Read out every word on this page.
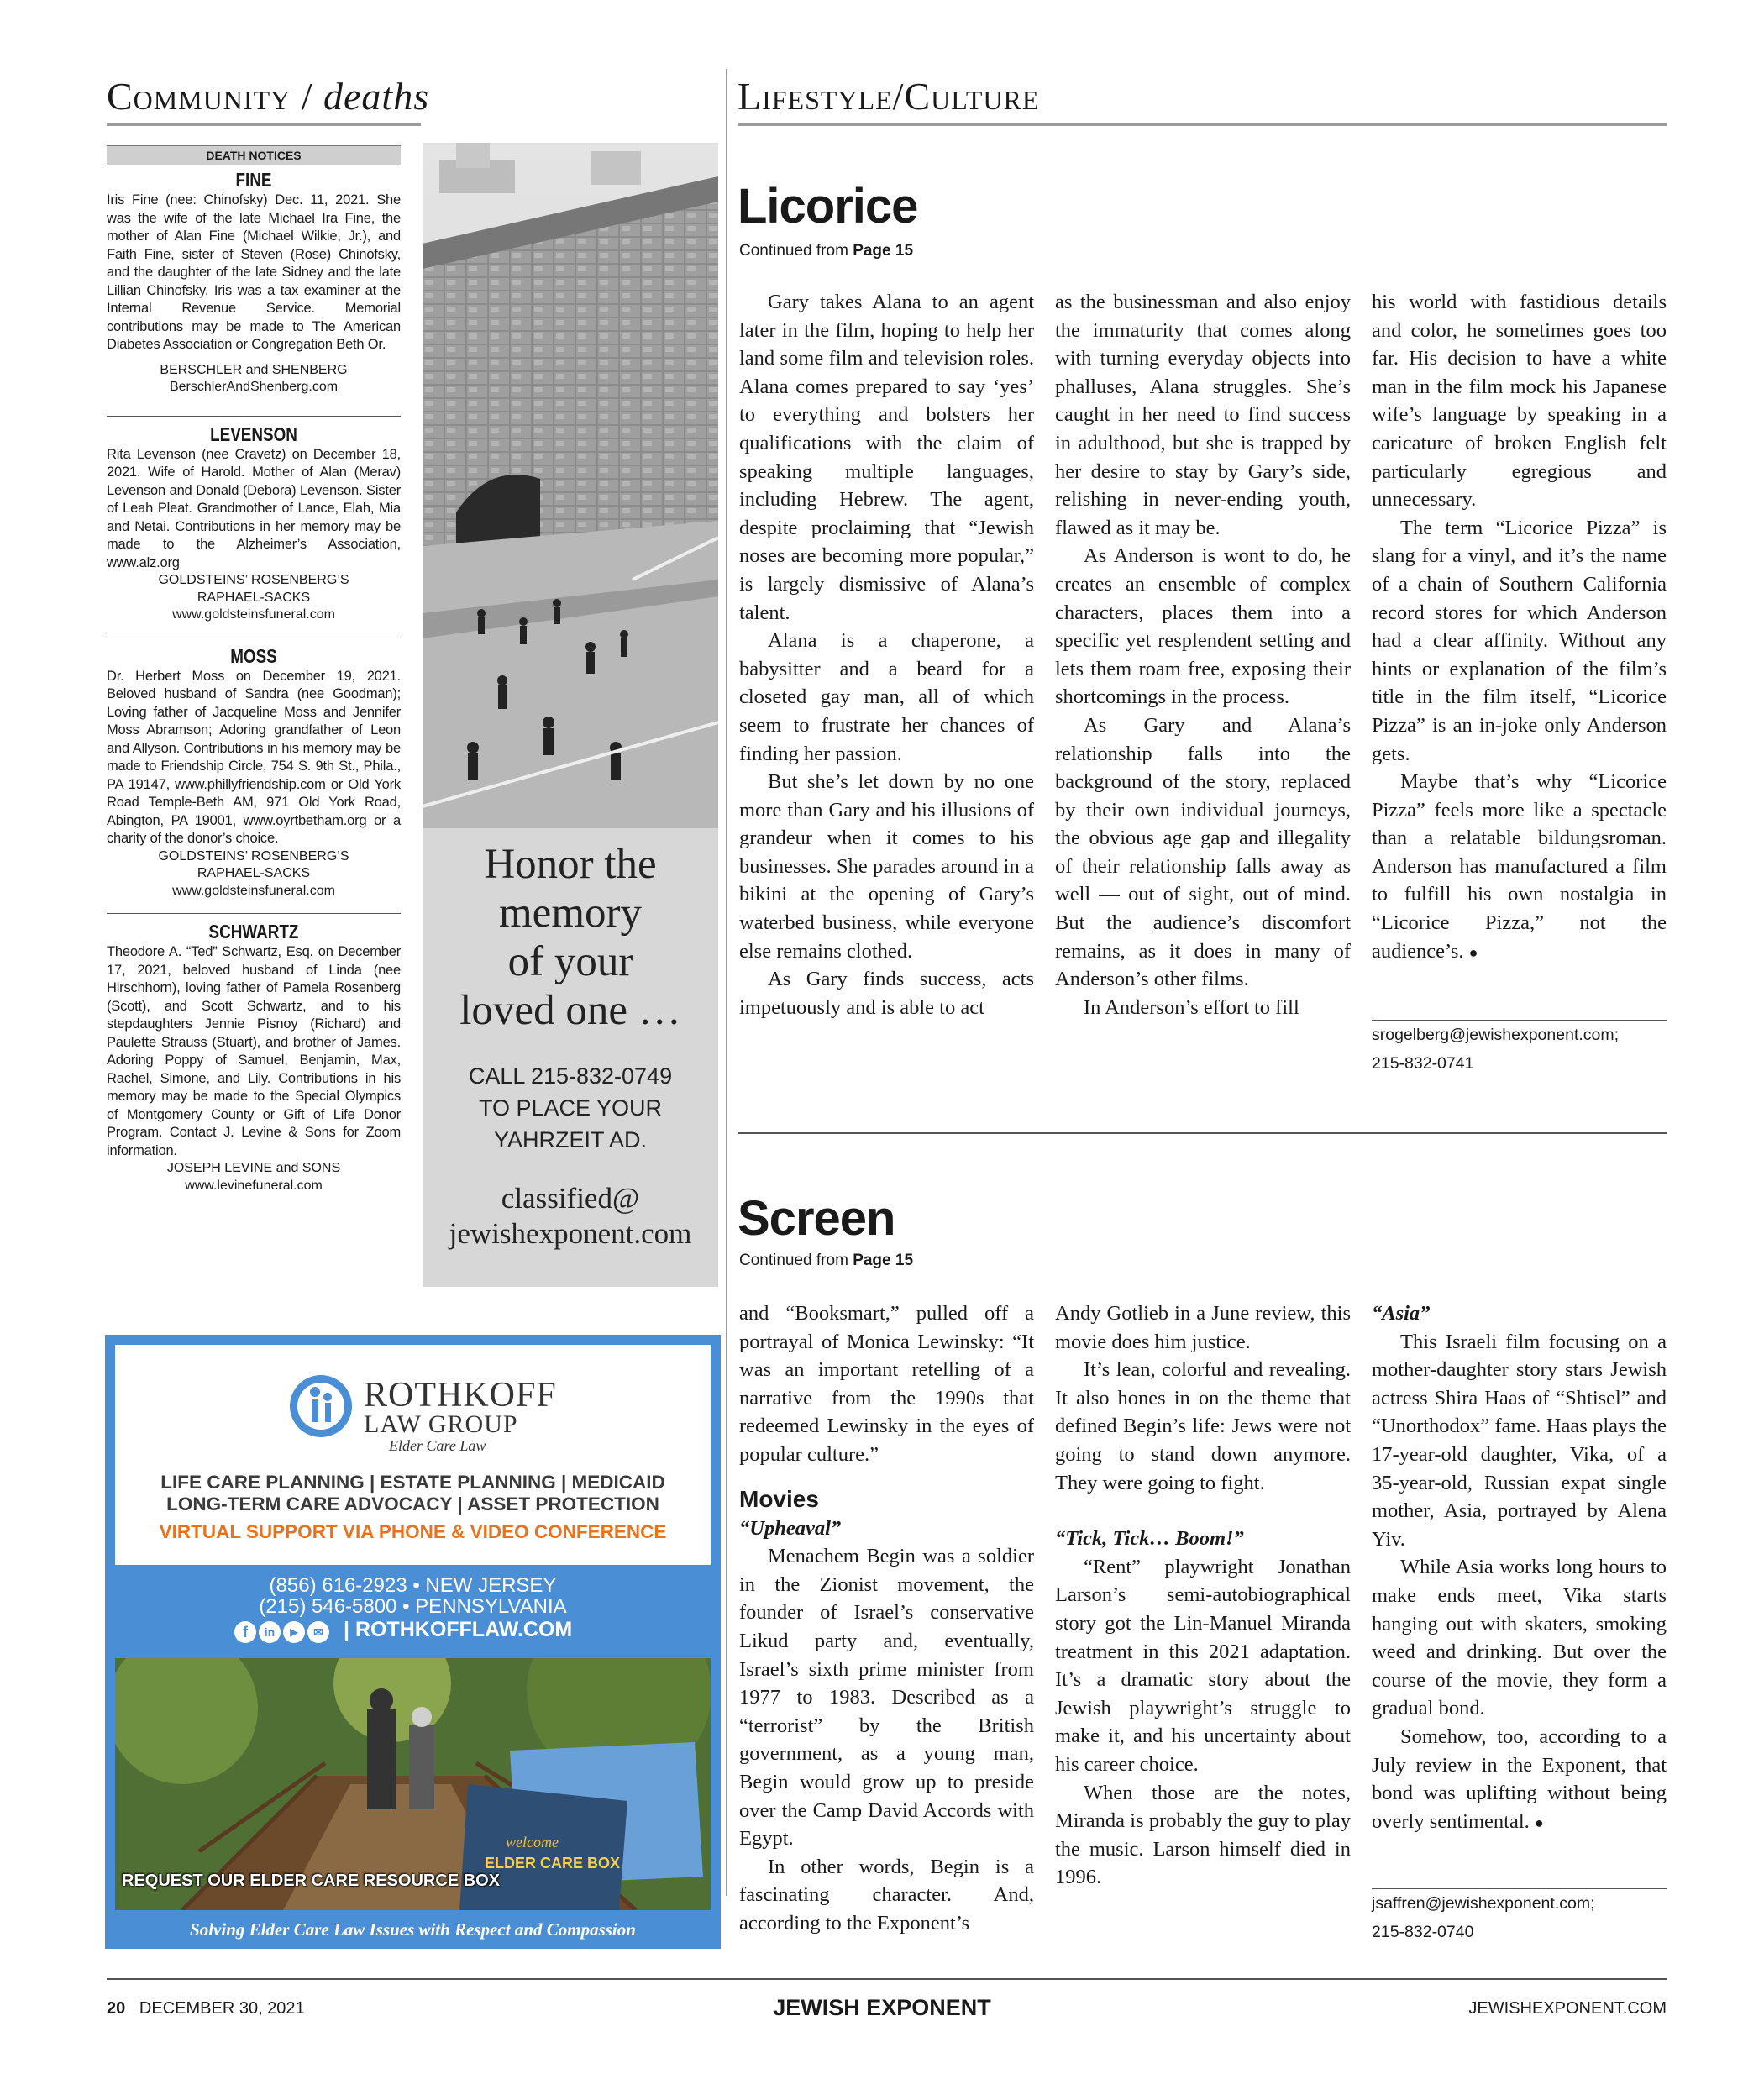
Community / deaths	Lifestyle/Culture
DEATH NOTICES
FINE
Iris Fine (nee: Chinofsky) Dec. 11, 2021. She was the wife of the late Michael Ira Fine, the mother of Alan Fine (Michael Wilkie, Jr.), and Faith Fine, sister of Steven (Rose) Chinofsky, and the daughter of the late Sidney and the late Lillian Chinofsky. Iris was a tax examiner at the Internal Revenue Service. Memorial contributions may be made to The American Diabetes Association or Congregation Beth Or.
BERSCHLER and SHENBERG
BerschlerAndShenberg.com
LEVENSON
Rita Levenson (nee Cravetz) on December 18, 2021. Wife of Harold. Mother of Alan (Merav) Levenson and Donald (Debora) Levenson. Sister of Leah Pleat. Grandmother of Lance, Elah, Mia and Netai. Contributions in her memory may be made to the Alzheimer’s Association, www.alz.org
GOLDSTEINS’ ROSENBERG’S
RAPHAEL-SACKS
www.goldsteinsfuneral.com
MOSS
Dr. Herbert Moss on December 19, 2021. Beloved husband of Sandra (nee Goodman); Loving father of Jacqueline Moss and Jennifer Moss Abramson; Adoring grandfather of Leon and Allyson. Contributions in his memory may be made to Friendship Circle, 754 S. 9th St., Phila., PA 19147, www.phillyfriendship.com or Old York Road Temple-Beth AM, 971 Old York Road, Abington, PA 19001, www.oyrtbetham.org or a charity of the donor’s choice.
GOLDSTEINS’ ROSENBERG’S
RAPHAEL-SACKS
www.goldsteinsfuneral.com
SCHWARTZ
Theodore A. “Ted” Schwartz, Esq. on December 17, 2021, beloved husband of Linda (nee Hirschhorn), loving father of Pamela Rosenberg (Scott), and Scott Schwartz, and to his stepdaughters Jennie Pisnoy (Richard) and Paulette Strauss (Stuart), and brother of James. Adoring Poppy of Samuel, Benjamin, Max, Rachel, Simone, and Lily. Contributions in his memory may be made to the Special Olympics of Montgomery County or Gift of Life Donor Program. Contact J. Levine & Sons for Zoom information.
JOSEPH LEVINE and SONS
www.levinefuneral.com
Honor the
memory
of your
loved one …
CALL 215-832-0749
TO PLACE YOUR
YAHRZEIT AD.
classified@
jewishexponent.com
ROTHKOFF
LAW GROUP
Elder Care Law
LIFE CARE PLANNING | ESTATE PLANNING | MEDICAID
LONG-TERM CARE ADVOCACY | ASSET PROTECTION
VIRTUAL SUPPORT VIA PHONE & VIDEO CONFERENCE
(856) 616-2923 • NEW JERSEY
(215) 546-5800 • PENNSYLVANIA
f	in	▶	✉ | ROTHKOFFLAW.COM
welcome
ELDER CARE BOX
REQUEST OUR ELDER CARE RESOURCE BOX
Solving Elder Care Law Issues with Respect and Compassion
Licorice
Continued from Page 15

Gary takes Alana to an agent later in the film, hoping to help her land some film and television roles. Alana comes prepared to say ‘yes’ to everything and bolsters her qualifications with the claim of speaking multiple languages, including Hebrew. The agent, despite proclaiming that “Jewish noses are becoming more popular,” is largely dismissive of Alana’s talent.

Alana is a chaperone, a babysitter and a beard for a closeted gay man, all of which seem to frustrate her chances of finding her passion.

But she’s let down by no one more than Gary and his illusions of grandeur when it comes to his businesses. She parades around in a bikini at the opening of Gary’s waterbed business, while everyone else remains clothed.

As Gary finds success, acts impetuously and is able to act

as the businessman and also enjoy the immaturity that comes along with turning everyday objects into phalluses, Alana struggles. She’s caught in her need to find success in adulthood, but she is trapped by her desire to stay by Gary’s side, relishing in never-ending youth, flawed as it may be.

As Anderson is wont to do, he creates an ensemble of complex characters, places them into a specific yet resplendent setting and lets them roam free, exposing their shortcomings in the process.

As Gary and Alana’s relationship falls into the background of the story, replaced by their own individual journeys, the obvious age gap and illegality of their relationship falls away as well — out of sight, out of mind. But the audience’s discomfort remains, as it does in many of Anderson’s other films.

In Anderson’s effort to fill

his world with fastidious details and color, he sometimes goes too far. His decision to have a white man in the film mock his Japanese wife’s language by speaking in a caricature of broken English felt particularly egregious and unnecessary.

The term “Licorice Pizza” is slang for a vinyl, and it’s the name of a chain of Southern California record stores for which Anderson had a clear affinity. Without any hints or explanation of the film’s title in the film itself, “Licorice Pizza” is an in-joke only Anderson gets.

Maybe that’s why “Licorice Pizza” feels more like a spectacle than a relatable bildungsroman. Anderson has manufactured a film to fulfill his own nostalgia in “Licorice Pizza,” not the audience’s. ●

srogelberg@jewishexponent.com;
215-832-0741
Screen
Continued from Page 15

and “Booksmart,” pulled off a portrayal of Monica Lewinsky: “It was an important retelling of a narrative from the 1990s that redeemed Lewinsky in the eyes of popular culture.”

Movies

“Upheaval”

Menachem Begin was a soldier in the Zionist movement, the founder of Israel’s conservative Likud party and, eventually, Israel’s sixth prime minister from 1977 to 1983. Described as a “terrorist” by the British government, as a young man, Begin would grow up to preside over the Camp David Accords with Egypt.

In other words, Begin is a fascinating character. And, according to the Exponent’s

Andy Gotlieb in a June review, this movie does him justice.

It’s lean, colorful and revealing. It also hones in on the theme that defined Begin’s life: Jews were not going to stand down anymore. They were going to fight.

“Tick, Tick… Boom!”

“Rent” playwright Jonathan Larson’s semi-autobiographical story got the Lin-Manuel Miranda treatment in this 2021 adaptation. It’s a dramatic story about the Jewish playwright’s struggle to make it, and his uncertainty about his career choice.

When those are the notes, Miranda is probably the guy to play the music. Larson himself died in 1996.

“Asia”

This Israeli film focusing on a mother-daughter story stars Jewish actress Shira Haas of “Shtisel” and “Unorthodox” fame. Haas plays the 17-year-old daughter, Vika, of a 35-year-old, Russian expat single mother, Asia, portrayed by Alena Yiv.

While Asia works long hours to make ends meet, Vika starts hanging out with skaters, smoking weed and drinking. But over the course of the movie, they form a gradual bond.

Somehow, too, according to a July review in the Exponent, that bond was uplifting without being overly sentimental. ●

jsaffren@jewishexponent.com;
215-832-0740
20 DECEMBER 30, 2021	JEWISH EXPONENT	JEWISHEXPONENT.COM
